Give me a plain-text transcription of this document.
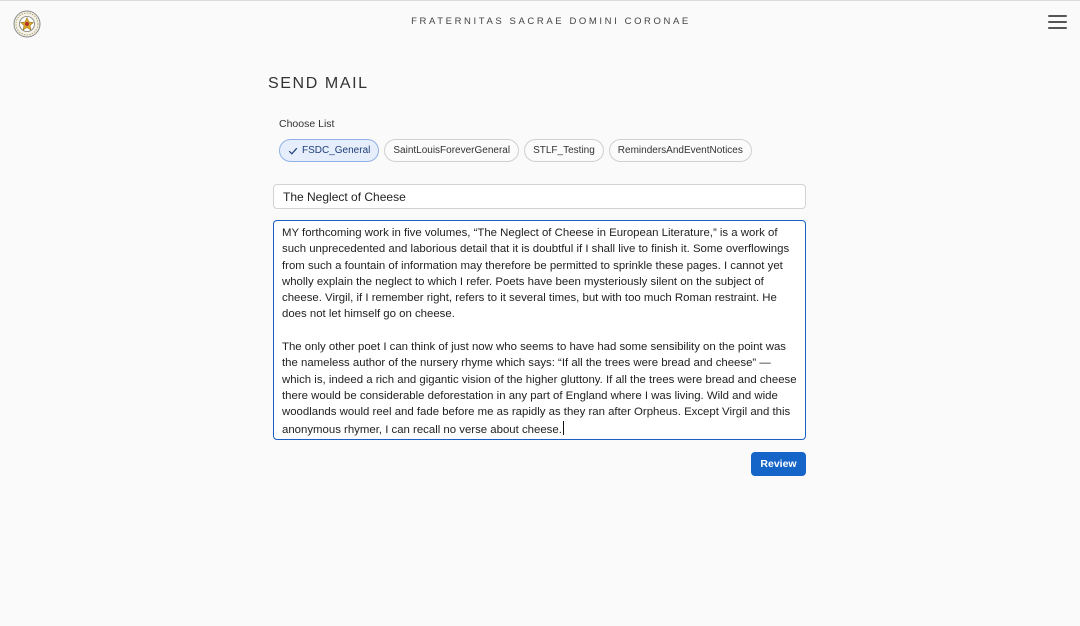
FRATERNITAS SACRAE DOMINI CORONAE
SEND MAIL
Choose List
FSDC_General SaintLouisForeverGeneral STLF_Testing RemindersAndEventNotices
The Neglect of Cheese

MY forthcoming work in five volumes, “The Neglect of Cheese in European Literature,” is a work of such unprecedented and laborious detail that it is doubtful if I shall live to finish it. Some overflowings from such a fountain of information may therefore be permitted to sprinkle these pages. I cannot yet wholly explain the neglect to which I refer. Poets have been mysteriously silent on the subject of cheese. Virgil, if I remember right, refers to it several times, but with too much Roman restraint. He does not let himself go on cheese.

The only other poet I can think of just now who seems to have had some sensibility on the point was the nameless author of the nursery rhyme which says: “If all the trees were bread and cheese” — which is, indeed a rich and gigantic vision of the higher gluttony. If all the trees were bread and cheese there would be considerable deforestation in any part of England where I was living. Wild and wide woodlands would reel and fade before me as rapidly as they ran after Orpheus. Except Virgil and this anonymous rhymer, I can recall no verse about cheese.

Review
